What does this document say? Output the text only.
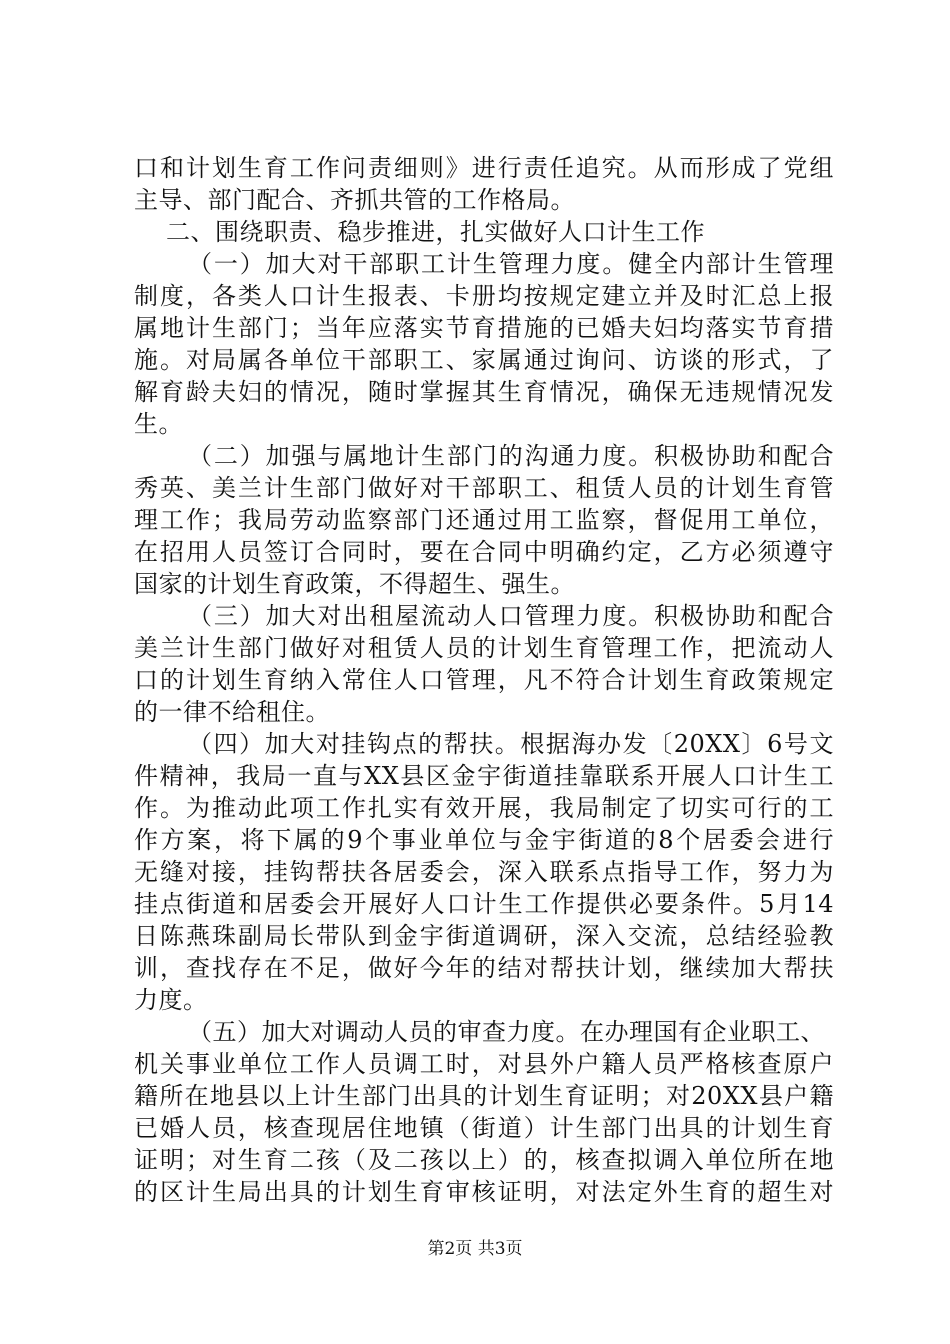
口和计划生育工作问责细则》进行责任追究。从而形成了党组
主导、部门配合、齐抓共管的工作格局。
二、围绕职责、稳步推进，扎实做好人口计生工作
（一）加大对干部职工计生管理力度。健全内部计生管理
制度，各类人口计生报表、卡册均按规定建立并及时汇总上报
属地计生部门；当年应落实节育措施的已婚夫妇均落实节育措
施。对局属各单位干部职工、家属通过询问、访谈的形式，了
解育龄夫妇的情况，随时掌握其生育情况，确保无违规情况发
生。
（二）加强与属地计生部门的沟通力度。积极协助和配合
秀英、美兰计生部门做好对干部职工、租赁人员的计划生育管
理工作；我局劳动监察部门还通过用工监察，督促用工单位，
在招用人员签订合同时，要在合同中明确约定，乙方必须遵守
国家的计划生育政策，不得超生、强生。
（三）加大对出租屋流动人口管理力度。积极协助和配合
美兰计生部门做好对租赁人员的计划生育管理工作，把流动人
口的计划生育纳入常住人口管理，凡不符合计划生育政策规定
的一律不给租住。
（四）加大对挂钩点的帮扶。根据海办发〔20XX〕6号文
件精神，我局一直与XX县区金宇街道挂靠联系开展人口计生工
作。为推动此项工作扎实有效开展，我局制定了切实可行的工
作方案，将下属的9个事业单位与金宇街道的8个居委会进行
无缝对接，挂钩帮扶各居委会，深入联系点指导工作，努力为
挂点街道和居委会开展好人口计生工作提供必要条件。5月14
日陈燕珠副局长带队到金宇街道调研，深入交流，总结经验教
训，查找存在不足，做好今年的结对帮扶计划，继续加大帮扶
力度。
（五）加大对调动人员的审查力度。在办理国有企业职工、
机关事业单位工作人员调工时，对县外户籍人员严格核查原户
籍所在地县以上计生部门出具的计划生育证明；对20XX县户籍
已婚人员，核查现居住地镇（街道）计生部门出具的计划生育
证明；对生育二孩（及二孩以上）的，核查拟调入单位所在地
的区计生局出具的计划生育审核证明，对法定外生育的超生对
第2页 共3页
